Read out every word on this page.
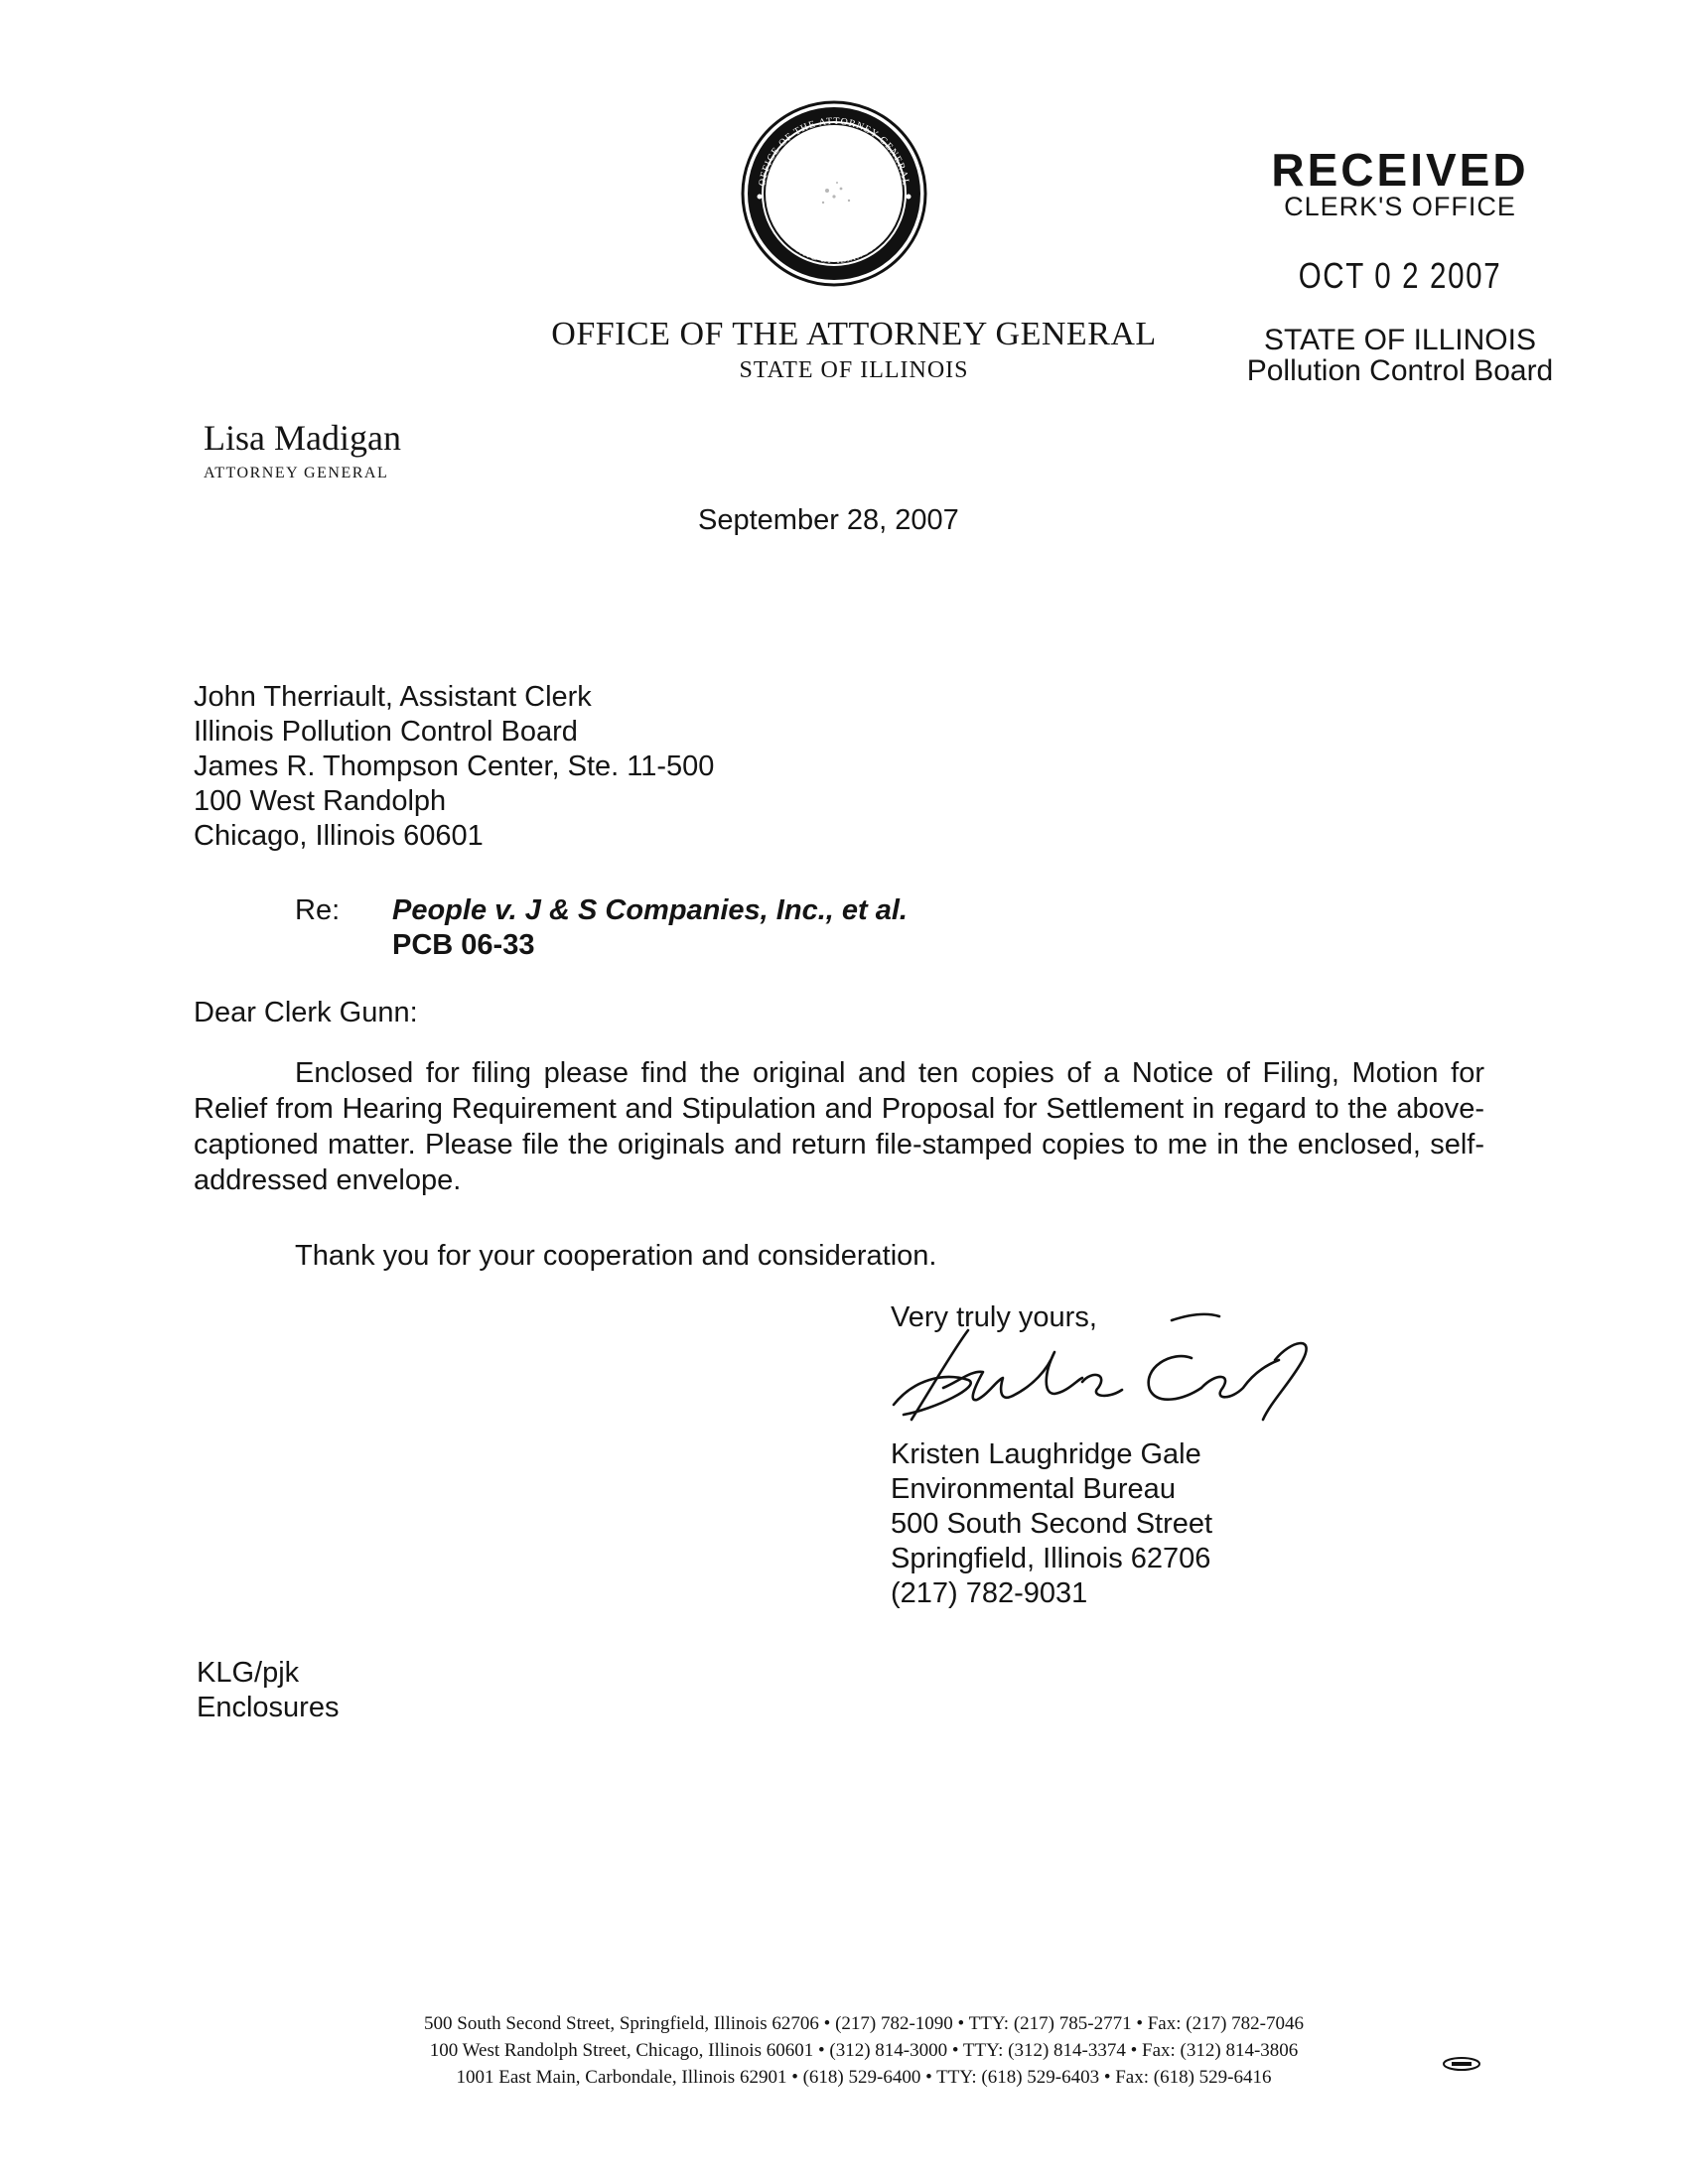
OFFICE OF THE ATTORNEY GENERAL
STATE OF ILLINOIS
RECEIVED
CLERK'S OFFICE
OCT 0 2 2007
STATE OF ILLINOIS
Pollution Control Board
OFFICE OF THE ATTORNEY GENERAL
STATE OF ILLINOIS
Lisa Madigan
ATTORNEY GENERAL
September 28, 2007
John Therriault, Assistant Clerk
Illinois Pollution Control Board
James R. Thompson Center, Ste. 11-500
100 West Randolph
Chicago, Illinois 60601
Re: People v. J & S Companies, Inc., et al.
PCB 06-33
Dear Clerk Gunn:
Enclosed for filing please find the original and ten copies of a Notice of Filing, Motion for Relief from Hearing Requirement and Stipulation and Proposal for Settlement in regard to the above-captioned matter. Please file the originals and return file-stamped copies to me in the enclosed, self-addressed envelope.
Thank you for your cooperation and consideration.
Very truly yours,
Kristen Laughridge Gale
Environmental Bureau
500 South Second Street
Springfield, Illinois 62706
(217) 782-9031
KLG/pjk
Enclosures
500 South Second Street, Springfield, Illinois 62706 • (217) 782-1090 • TTY: (217) 785-2771 • Fax: (217) 782-7046
100 West Randolph Street, Chicago, Illinois 60601 • (312) 814-3000 • TTY: (312) 814-3374 • Fax: (312) 814-3806
1001 East Main, Carbondale, Illinois 62901 • (618) 529-6400 • TTY: (618) 529-6403 • Fax: (618) 529-6416
